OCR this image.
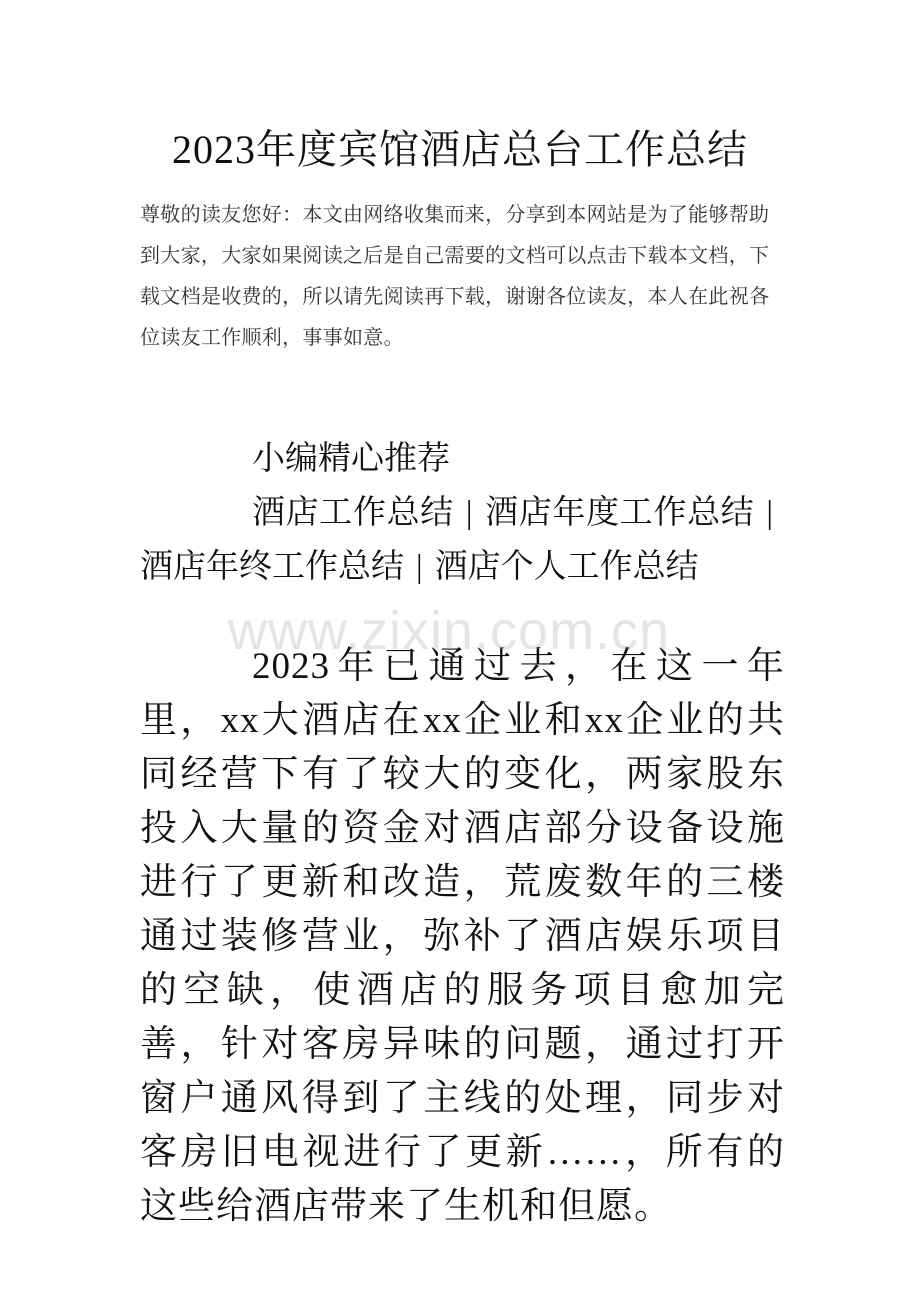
2023年度宾馆酒店总台工作总结
尊敬的读友您好：本文由网络收集而来，分享到本网站是为了能够帮助到大家，大家如果阅读之后是自己需要的文档可以点击下载本文档，下载文档是收费的，所以请先阅读再下载，谢谢各位读友，本人在此祝各位读友工作顺利，事事如意。
小编精心推荐
酒店工作总结 | 酒店年度工作总结 |酒店年终工作总结 | 酒店个人工作总结
2023年已通过去，在这一年里，xx大酒店在xx企业和xx企业的共同经营下有了较大的变化，两家股东投入大量的资金对酒店部分设备设施进行了更新和改造，荒废数年的三楼通过装修营业，弥补了酒店娱乐项目的空缺，使酒店的服务项目愈加完善，针对客房异味的问题，通过打开窗户通风得到了主线的处理，同步对客房旧电视进行了更新……，所有的这些给酒店带来了生机和但愿。
www.zixin.com.cn
